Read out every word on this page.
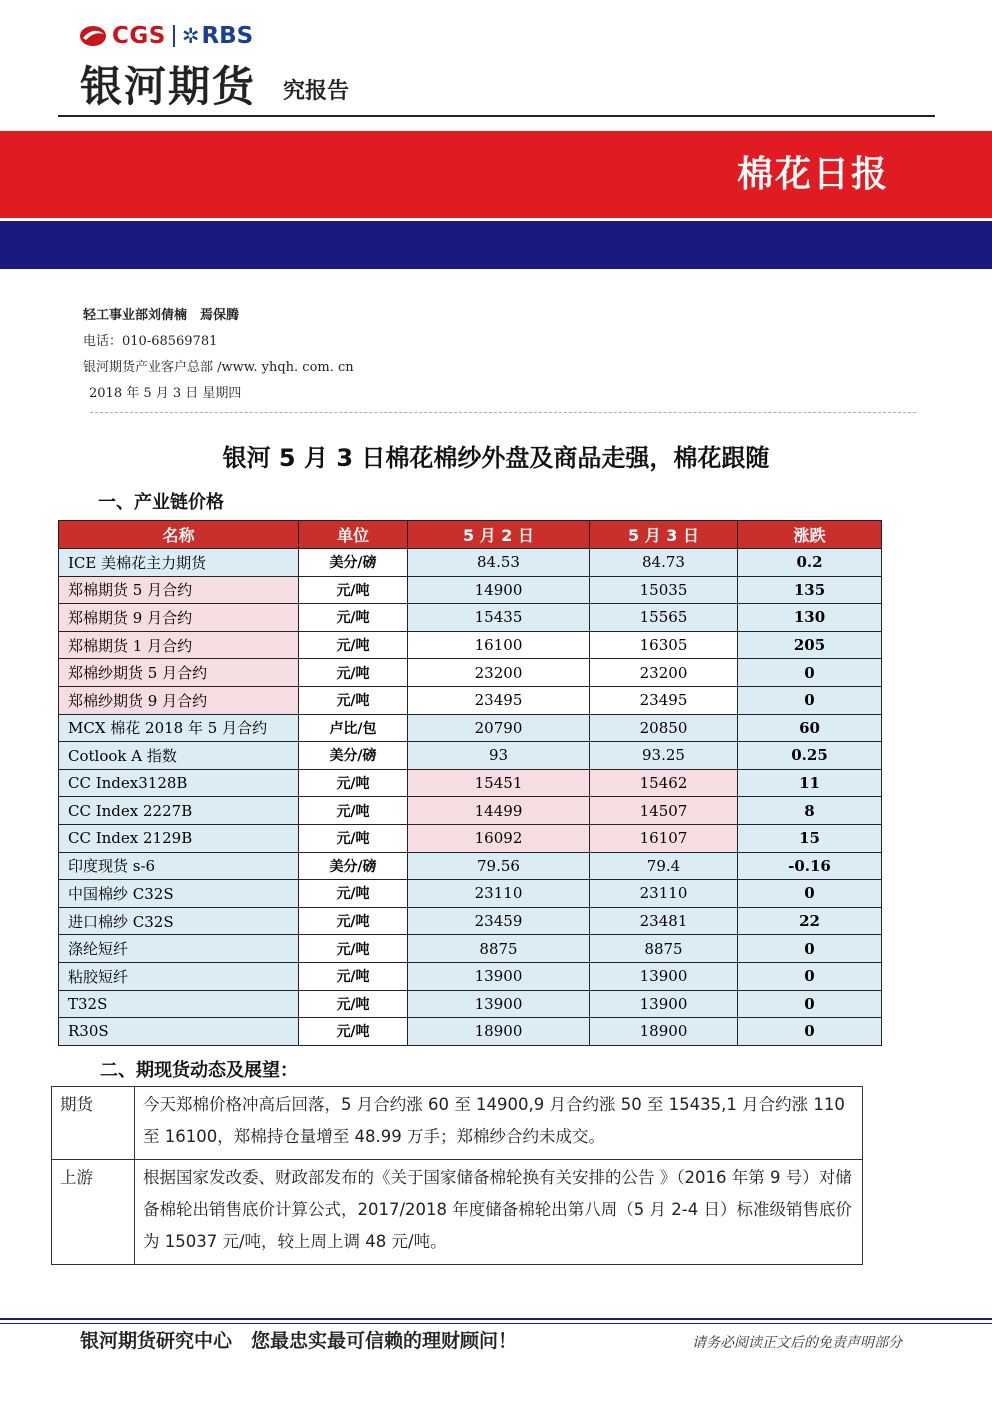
CGS ✲ RBS
银河期货 究报告
棉花日报
轻工事业部刘倩楠　焉保腾
电话：010-68569781
银河期货产业客户总部 /www. yhqh. com. cn
2018 年 5 月 3 日 星期四
银河 5 月 3 日棉花棉纱外盘及商品走强，棉花跟随
一、产业链价格
名称	单位	5 月 2 日	5 月 3 日	涨跌
ICE 美棉花主力期货	美分/磅	84.53	84.73	0.2
郑棉期货 5 月合约	元/吨	14900	15035	135
郑棉期货 9 月合约	元/吨	15435	15565	130
郑棉期货 1 月合约	元/吨	16100	16305	205
郑棉纱期货 5 月合约	元/吨	23200	23200	0
郑棉纱期货 9 月合约	元/吨	23495	23495	0
MCX 棉花 2018 年 5 月合约	卢比/包	20790	20850	60
Cotlook A 指数	美分/磅	93	93.25	0.25
CC Index3128B	元/吨	15451	15462	11
CC Index 2227B	元/吨	14499	14507	8
CC Index 2129B	元/吨	16092	16107	15
印度现货 s-6	美分/磅	79.56	79.4	-0.16
中国棉纱 C32S	元/吨	23110	23110	0
进口棉纱 C32S	元/吨	23459	23481	22
涤纶短纤	元/吨	8875	8875	0
粘胶短纤	元/吨	13900	13900	0
T32S	元/吨	13900	13900	0
R30S	元/吨	18900	18900	0
二、期现货动态及展望：
期货	今天郑棉价格冲高后回落，5 月合约涨 60 至 14900,9 月合约涨 50 至 15435,1 月合约涨 110 至 16100，郑棉持仓量增至 48.99 万手；郑棉纱合约未成交。
上游	根据国家发改委、财政部发布的《关于国家储备棉轮换有关安排的公告 》（2016 年第 9 号）对储备棉轮出销售底价计算公式，2017/2018 年度储备棉轮出第八周（5 月 2-4 日）标准级销售底价为 15037 元/吨，较上周上调 48 元/吨。
银河期货研究中心　您最忠实最可信赖的理财顾问！	请务必阅读正文后的免责声明部分
